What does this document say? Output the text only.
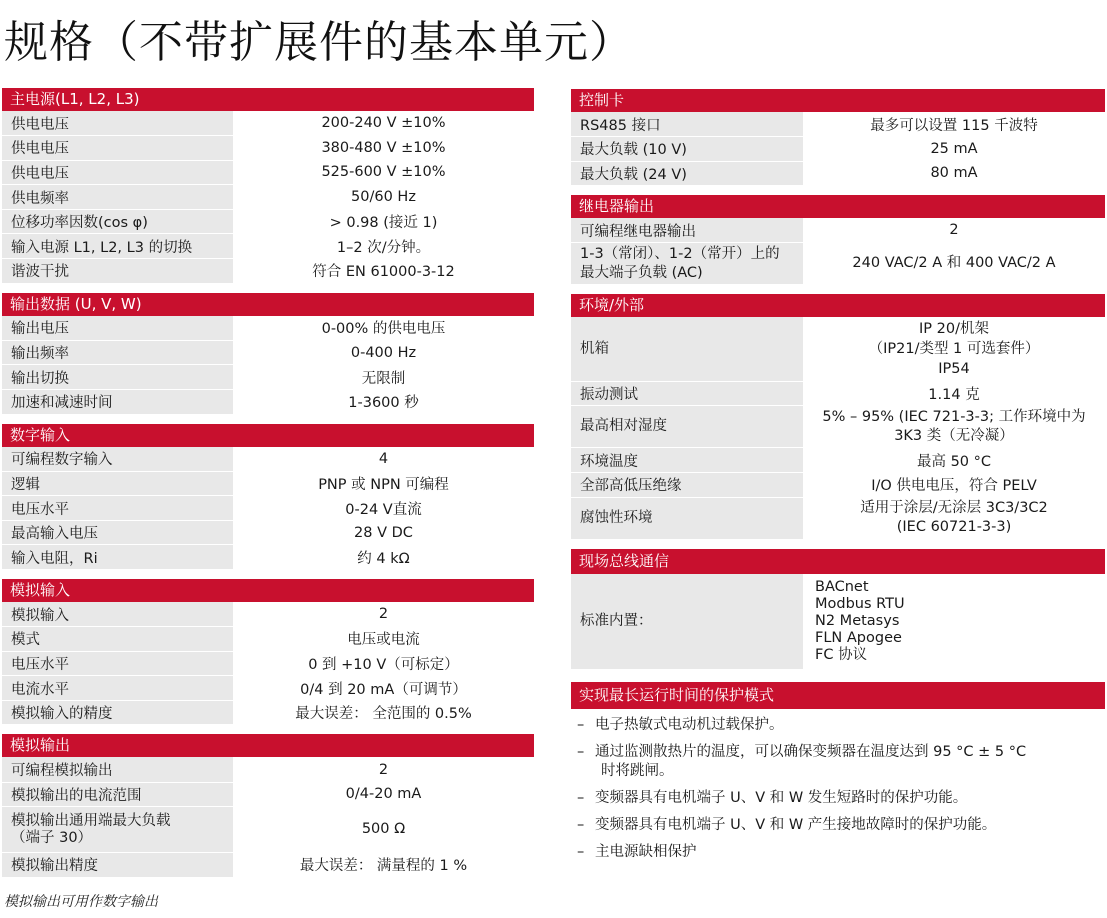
规格（不带扩展件的基本单元）
主电源(L1, L2, L3)
供电电压	200-240 V ±10%
供电电压	380-480 V ±10%
供电电压	525-600 V ±10%
供电频率	50/60 Hz
位移功率因数(cos φ)	> 0.98 (接近 1)
输入电源 L1, L2, L3 的切换	1–2 次/分钟。
谐波干扰	符合 EN 61000-3-12
输出数据 (U, V, W)
输出电压	0-00% 的供电电压
输出频率	0-400 Hz
输出切换	无限制
加速和减速时间	1-3600 秒
数字输入
可编程数字输入	4
逻辑	PNP 或 NPN 可编程
电压水平	0-24 V直流
最高输入电压	28 V DC
输入电阻，Ri	约 4 kΩ
模拟输入
模拟输入	2
模式	电压或电流
电压水平	0 到 +10 V（可标定）
电流水平	0/4 到 20 mA（可调节）
模拟输入的精度	最大误差： 全范围的 0.5%
模拟输出
可编程模拟输出	2
模拟输出的电流范围	0/4-20 mA
模拟输出通用端最大负载
（端子 30）	500 Ω
模拟输出精度	最大误差： 满量程的 1 %
模拟输出可用作数字输出
控制卡
RS485 接口	最多可以设置 115 千波特
最大负载 (10 V)	25 mA
最大负载 (24 V)	80 mA
继电器输出
可编程继电器输出	2
1-3（常闭）、1-2（常开）上的
最大端子负载 (AC)	240 VAC/2 A 和 400 VAC/2 A
环境/外部
机箱	IP 20/机架
（IP21/类型 1 可选套件）
IP54
振动测试	1.14 克
最高相对湿度	5% – 95% (IEC 721-3-3; 工作环境中为
3K3 类（无冷凝）
环境温度	最高 50 °C
全部高低压绝缘	I/O 供电电压，符合 PELV
腐蚀性环境	适用于涂层/无涂层 3C3/3C2
(IEC 60721-3-3)
现场总线通信
标准内置：	BACnet
Modbus RTU
N2 Metasys
FLN Apogee
FC 协议
实现最长运行时间的保护模式
– 电子热敏式电动机过载保护。
– 通过监测散热片的温度，可以确保变频器在温度达到 95 °C ± 5 °C
时将跳闸。
– 变频器具有电机端子 U、V 和 W 发生短路时的保护功能。
– 变频器具有电机端子 U、V 和 W 产生接地故障时的保护功能。
– 主电源缺相保护
